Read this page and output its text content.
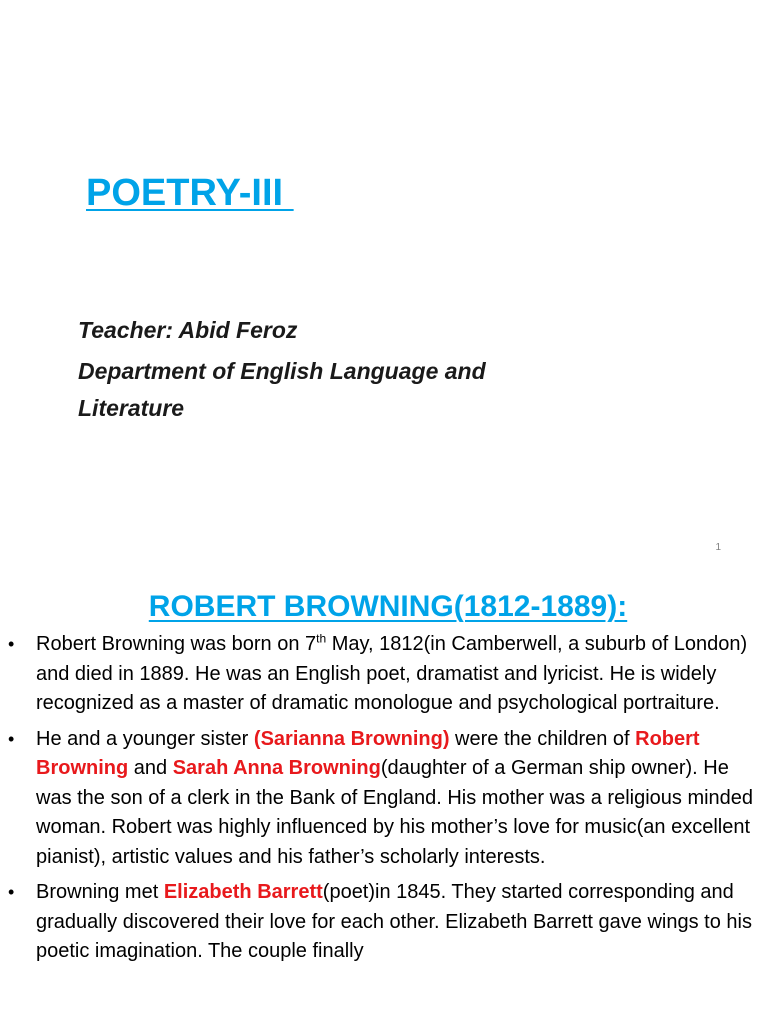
POETRY-III

Teacher: Abid Feroz

Department of English Language and Literature

1
ROBERT BROWNING(1812-1889):
• Robert Browning was born on 7th May, 1812(in Camberwell, a suburb of London) and died in 1889. He was an English poet, dramatist and lyricist. He is widely recognized as a master of dramatic monologue and psychological portraiture.
• He and a younger sister (Sarianna Browning) were the children of Robert Browning and Sarah Anna Browning(daughter of a German ship owner). He was the son of a clerk in the Bank of England. His mother was a religious minded woman. Robert was highly influenced by his mother’s love for music(an excellent pianist), artistic values and his father’s scholarly interests.
• Browning met Elizabeth Barrett(poet)in 1845. They started corresponding and gradually discovered their love for each other. Elizabeth Barrett gave wings to his poetic imagination. The couple finally
